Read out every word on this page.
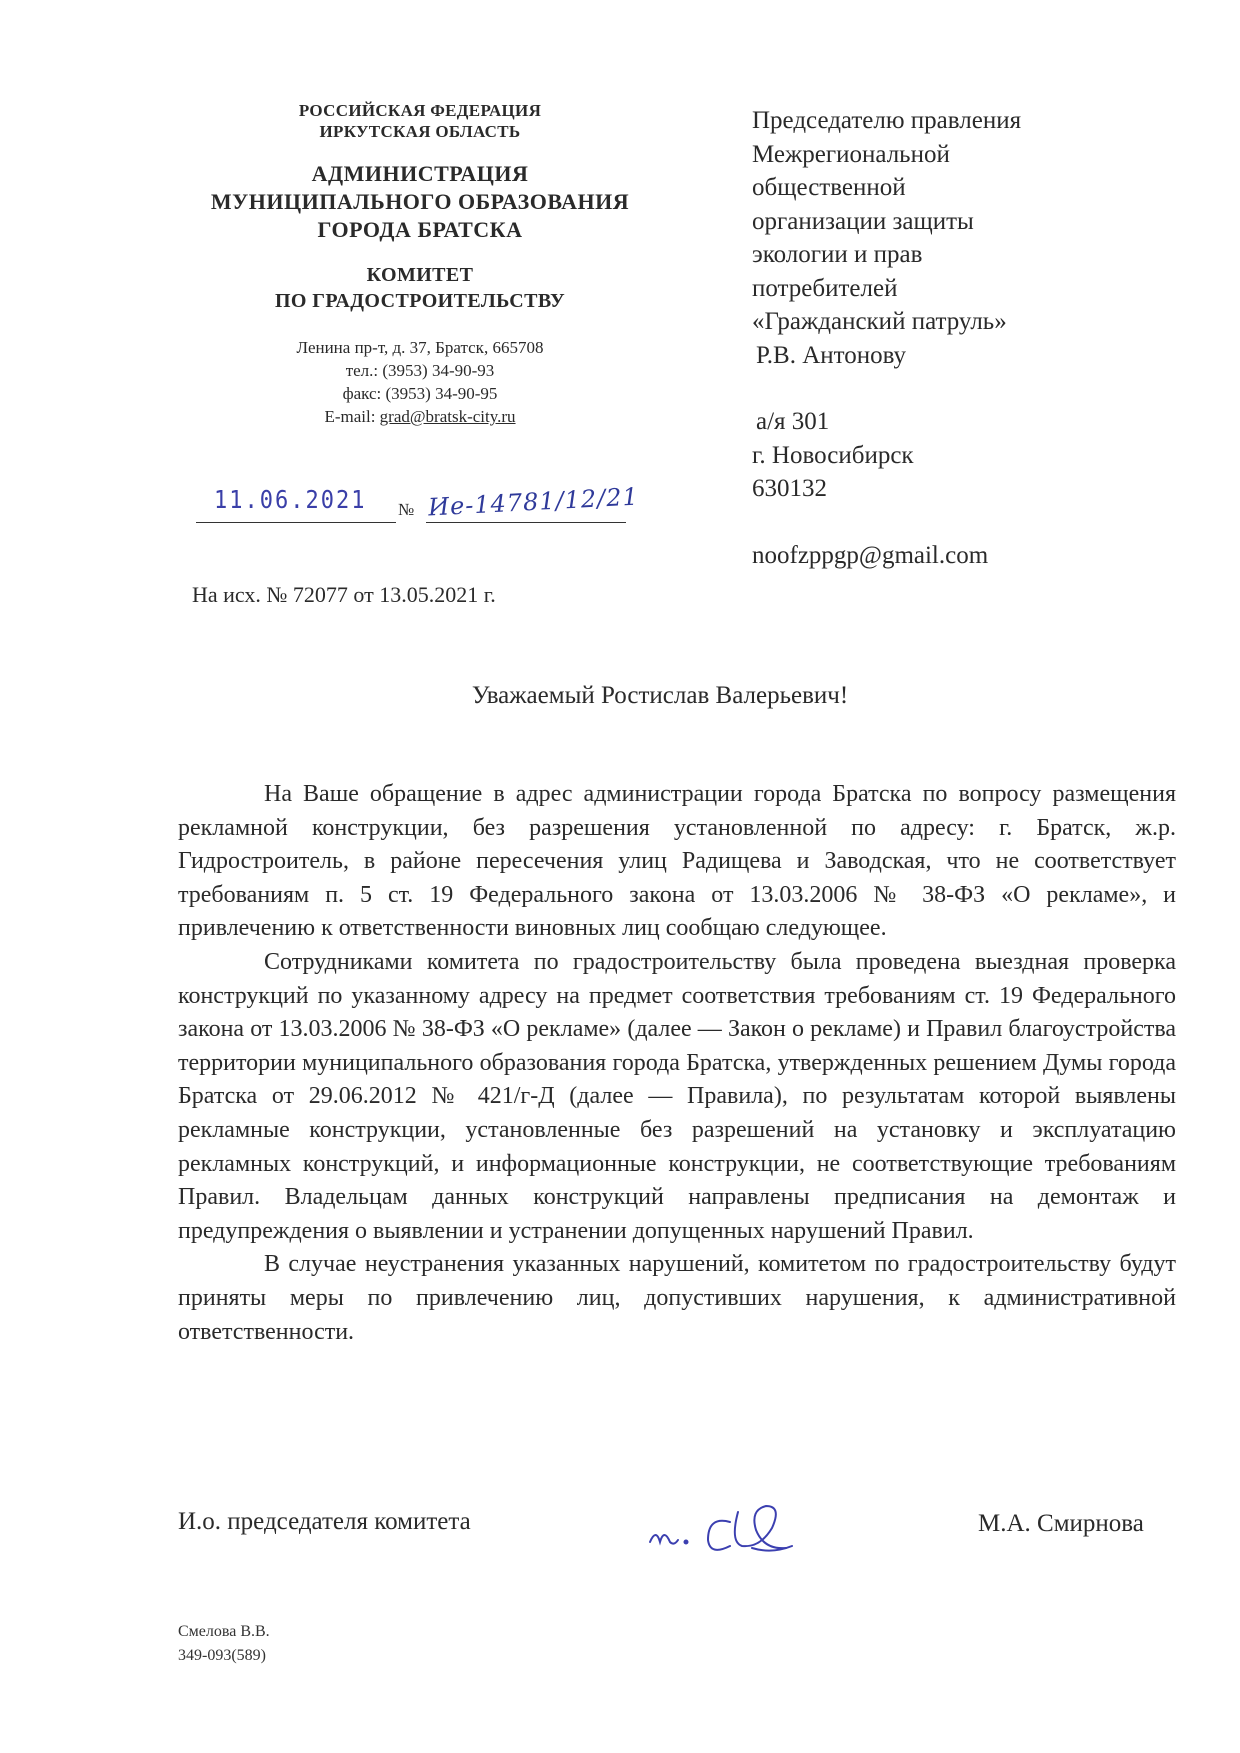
РОССИЙСКАЯ ФЕДЕРАЦИЯ
ИРКУТСКАЯ ОБЛАСТЬ
АДМИНИСТРАЦИЯ
МУНИЦИПАЛЬНОГО ОБРАЗОВАНИЯ
ГОРОДА БРАТСКА
КОМИТЕТ
ПО ГРАДОСТРОИТЕЛЬСТВУ
Ленина пр-т, д. 37, Братск, 665708
тел.: (3953) 34-90-93
факс: (3953) 34-90-95
E-mail: grad@bratsk-city.ru
11.06.2021 № Ие-14781/12/21
На исх. № 72077 от 13.05.2021 г.
Председателю правления
Межрегиональной
общественной
организации защиты
экологии и прав
потребителей
«Гражданский патруль»
Р.В. Антонову
а/я 301
г. Новосибирск
630132
noofzppgp@gmail.com
Уважаемый Ростислав Валерьевич!

На Ваше обращение в адрес администрации города Братска по вопросу размещения рекламной конструкции, без разрешения установленной по адресу: г. Братск, ж.р. Гидростроитель, в районе пересечения улиц Радищева и Заводская, что не соответствует требованиям п. 5 ст. 19 Федерального закона от 13.03.2006 № 38-ФЗ «О рекламе», и привлечению к ответственности виновных лиц сообщаю следующее.

Сотрудниками комитета по градостроительству была проведена выездная проверка конструкций по указанному адресу на предмет соответствия требованиям ст. 19 Федерального закона от 13.03.2006 № 38-ФЗ «О рекламе» (далее — Закон о рекламе) и Правил благоустройства территории муниципального образования города Братска, утвержденных решением Думы города Братска от 29.06.2012 № 421/г-Д (далее — Правила), по результатам которой выявлены рекламные конструкции, установленные без разрешений на установку и эксплуатацию рекламных конструкций, и информационные конструкции, не соответствующие требованиям Правил. Владельцам данных конструкций направлены предписания на демонтаж и предупреждения о выявлении и устранении допущенных нарушений Правил.

В случае неустранения указанных нарушений, комитетом по градостроительству будут приняты меры по привлечению лиц, допустивших нарушения, к административной ответственности.

И.о. председателя комитета	М.А. Смирнова
Смелова В.В.
349-093(589)
